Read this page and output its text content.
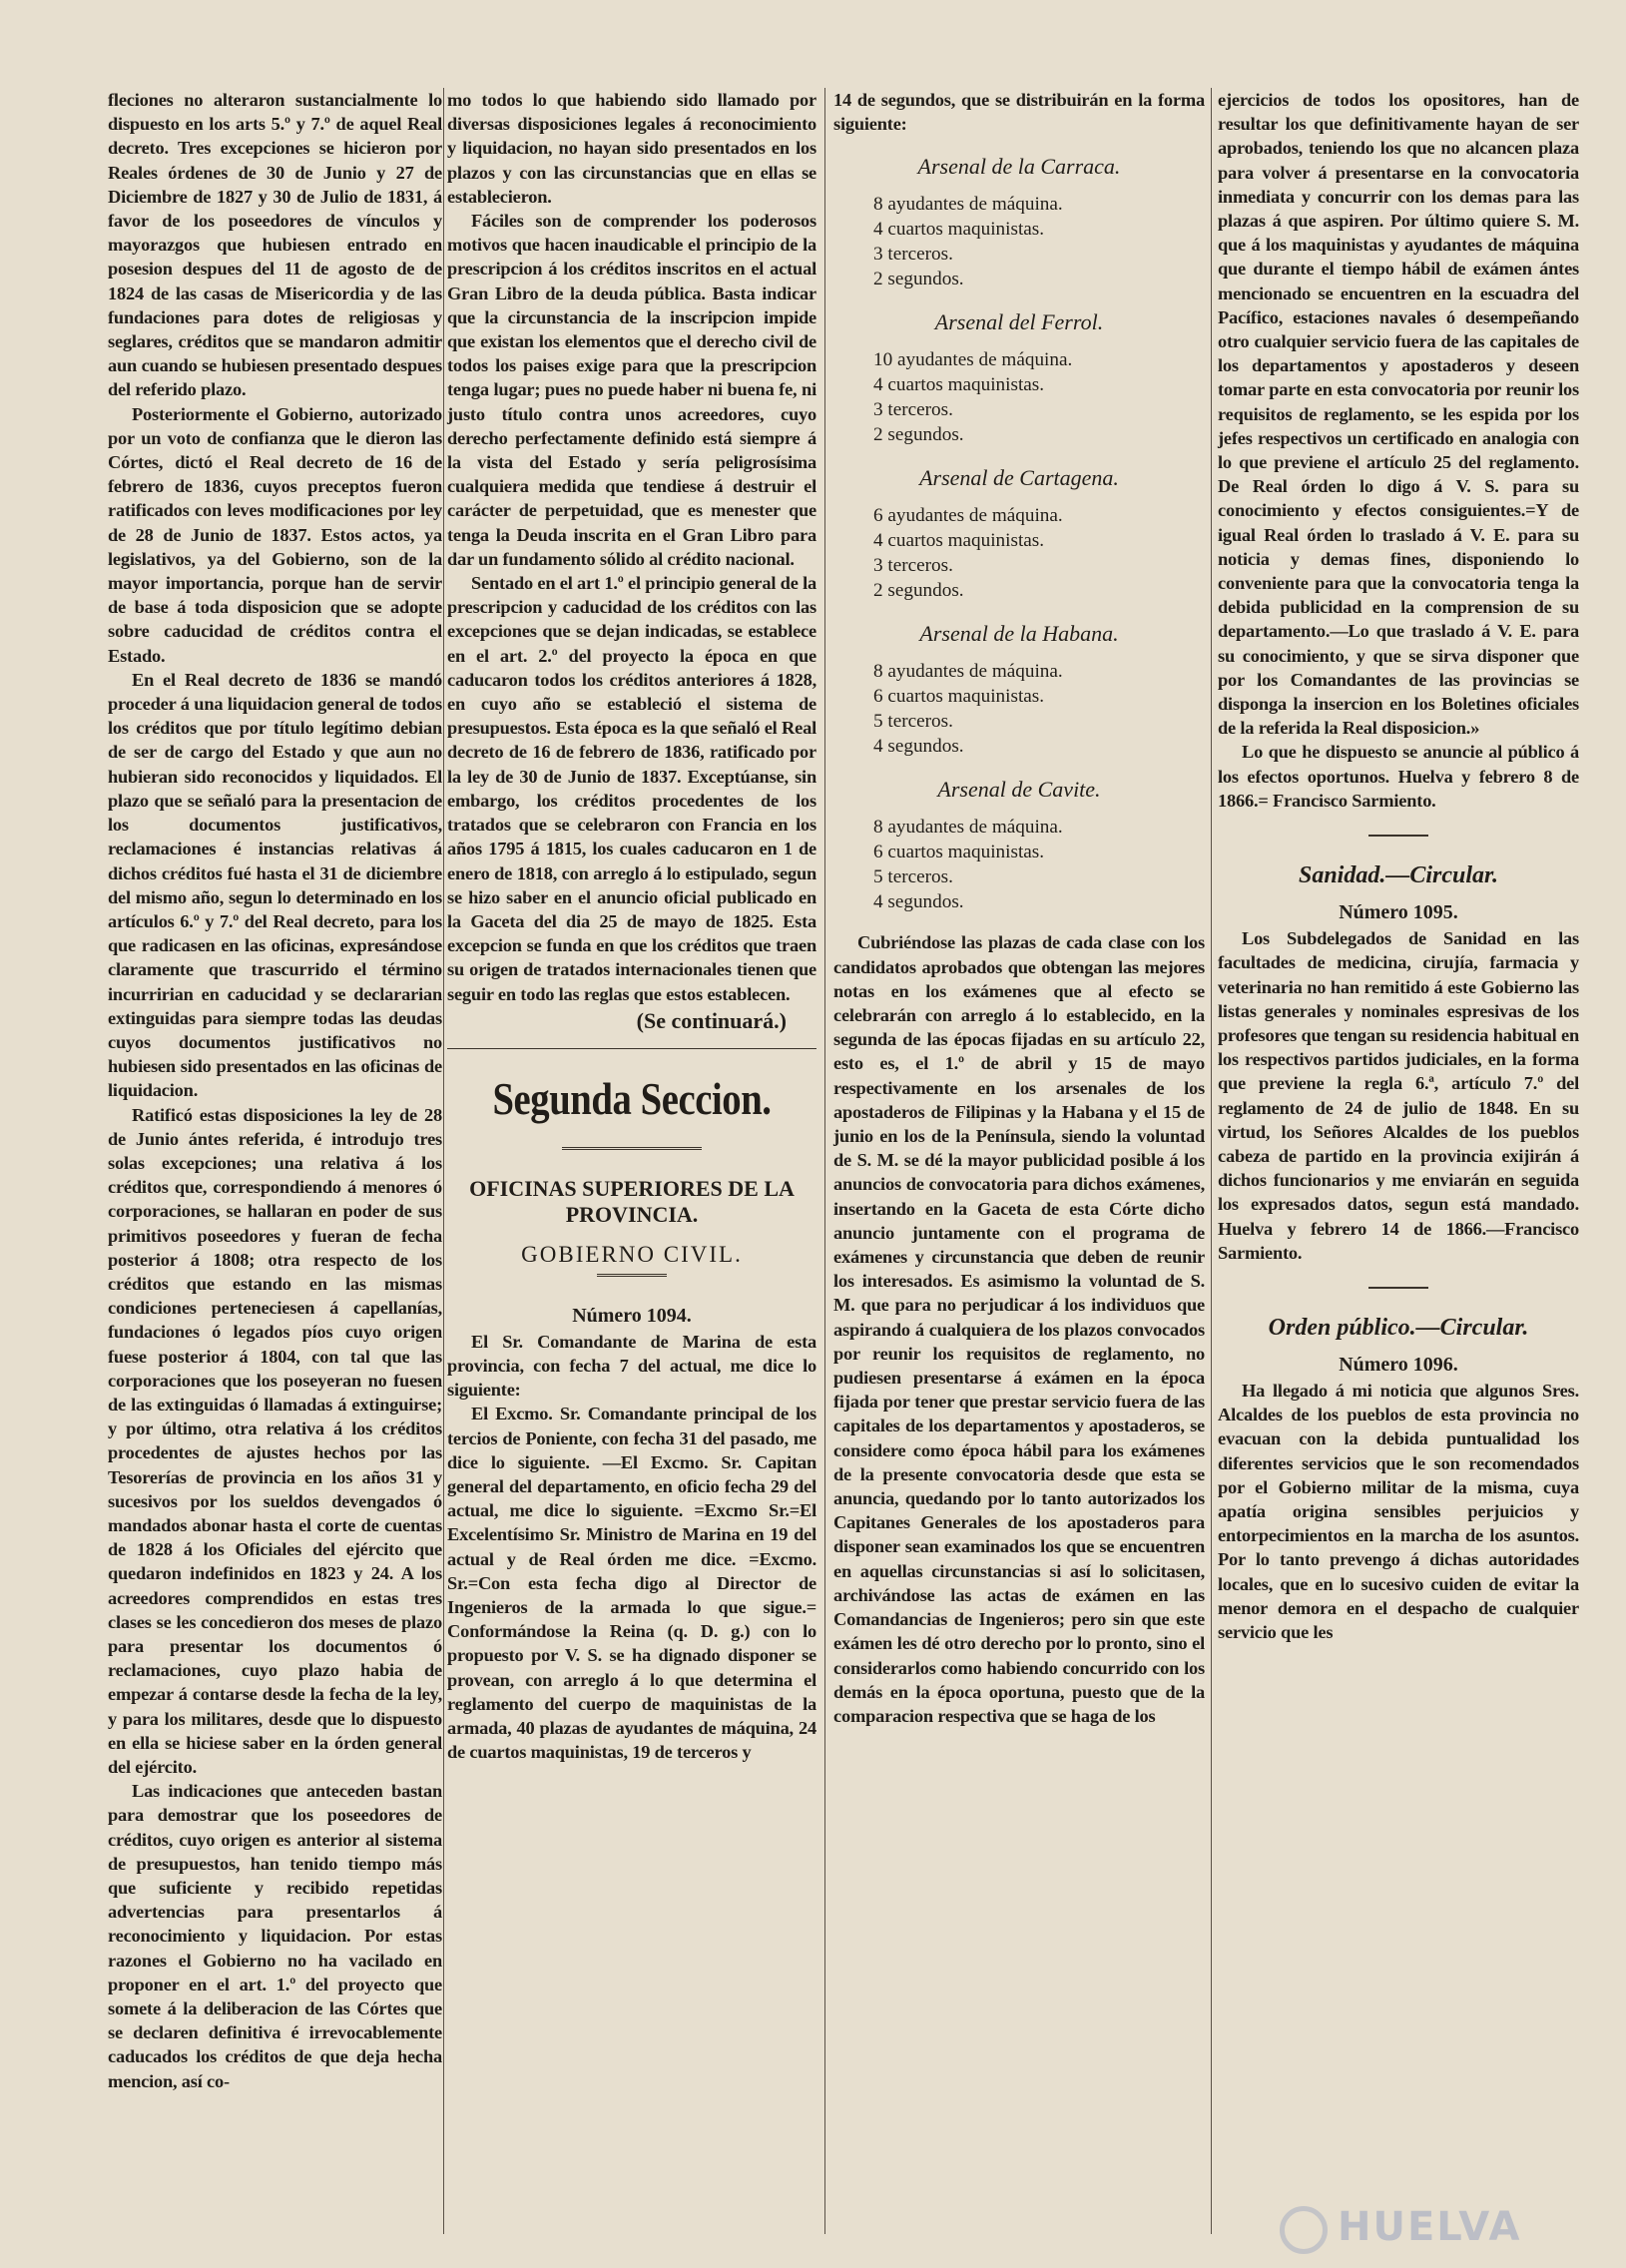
fleciones no alteraron sustancialmente lo dispuesto en los arts 5.º y 7.º de aquel Real decreto. Tres excepciones se hicieron por Reales órdenes de 30 de Junio y 27 de Diciembre de 1827 y 30 de Julio de 1831, á favor de los poseedores de vínculos y mayorazgos que hubiesen entrado en posesion despues del 11 de agosto de de 1824 de las casas de Misericordia y de las fundaciones para dotes de religiosas y seglares, créditos que se mandaron admitir aun cuando se hubiesen presentado despues del referido plazo.

Posteriormente el Gobierno, autorizado por un voto de confianza que le dieron las Córtes, dictó el Real decreto de 16 de febrero de 1836, cuyos preceptos fueron ratificados con leves modificaciones por ley de 28 de Junio de 1837. Estos actos, ya legislativos, ya del Gobierno, son de la mayor importancia, porque han de servir de base á toda disposicion que se adopte sobre caducidad de créditos contra el Estado.

En el Real decreto de 1836 se mandó proceder á una liquidacion general de todos los créditos que por título legítimo debian de ser de cargo del Estado y que aun no hubieran sido reconocidos y liquidados. El plazo que se señaló para la presentacion de los documentos justificativos, reclamaciones é instancias relativas á dichos créditos fué hasta el 31 de diciembre del mismo año, segun lo determinado en los artículos 6.º y 7.º del Real decreto, para los que radicasen en las oficinas, expresándose claramente que trascurrido el término incurririan en caducidad y se declararian extinguidas para siempre todas las deudas cuyos documentos justificativos no hubiesen sido presentados en las oficinas de liquidacion.

Ratificó estas disposiciones la ley de 28 de Junio ántes referida, é introdujo tres solas excepciones; una relativa á los créditos que, correspondiendo á menores ó corporaciones, se hallaran en poder de sus primitivos poseedores y fueran de fecha posterior á 1808; otra respecto de los créditos que estando en las mismas condiciones perteneciesen á capellanías, fundaciones ó legados píos cuyo origen fuese posterior á 1804, con tal que las corporaciones que los poseyeran no fuesen de las extinguidas ó llamadas á extinguirse; y por último, otra relativa á los créditos procedentes de ajustes hechos por las Tesorerías de provincia en los años 31 y sucesivos por los sueldos devengados ó mandados abonar hasta el corte de cuentas de 1828 á los Oficiales del ejército que quedaron indefinidos en 1823 y 24. A los acreedores comprendidos en estas tres clases se les concedieron dos meses de plazo para presentar los documentos ó reclamaciones, cuyo plazo habia de empezar á contarse desde la fecha de la ley, y para los militares, desde que lo dispuesto en ella se hiciese saber en la órden general del ejército.

Las indicaciones que anteceden bastan para demostrar que los poseedores de créditos, cuyo origen es anterior al sistema de presupuestos, han tenido tiempo más que suficiente y recibido repetidas advertencias para presentarlos á reconocimiento y liquidacion. Por estas razones el Gobierno no ha vacilado en proponer en el art. 1.º del proyecto que somete á la deliberacion de las Córtes que se declaren definitiva é irrevocablemente caducados los créditos de que deja hecha mencion, así co-

mo todos lo que habiendo sido llamado por diversas disposiciones legales á reconocimiento y liquidacion, no hayan sido presentados en los plazos y con las circunstancias que en ellas se establecieron.

Fáciles son de comprender los poderosos motivos que hacen inaudicable el principio de la prescripcion á los créditos inscritos en el actual Gran Libro de la deuda pública. Basta indicar que la circunstancia de la inscripcion impide que existan los elementos que el derecho civil de todos los paises exige para que la prescripcion tenga lugar; pues no puede haber ni buena fe, ni justo título contra unos acreedores, cuyo derecho perfectamente definido está siempre á la vista del Estado y sería peligrosísima cualquiera medida que tendiese á destruir el carácter de perpetuidad, que es menester que tenga la Deuda inscrita en el Gran Libro para dar un fundamento sólido al crédito nacional.

Sentado en el art 1.º el principio general de la prescripcion y caducidad de los créditos con las excepciones que se dejan indicadas, se establece en el art. 2.º del proyecto la época en que caducaron todos los créditos anteriores á 1828, en cuyo año se estableció el sistema de presupuestos. Esta época es la que señaló el Real decreto de 16 de febrero de 1836, ratificado por la ley de 30 de Junio de 1837. Exceptúanse, sin embargo, los créditos procedentes de los tratados que se celebraron con Francia en los años 1795 á 1815, los cuales caducaron en 1 de enero de 1818, con arreglo á lo estipulado, segun se hizo saber en el anuncio oficial publicado en la Gaceta del dia 25 de mayo de 1825. Esta excepcion se funda en que los créditos que traen su origen de tratados internacionales tienen que seguir en todo las reglas que estos establecen.

(Se continuará.)
Segunda Seccion.
OFICINAS SUPERIORES DE LA PROVINCIA.
GOBIERNO CIVIL.
Número 1094.

El Sr. Comandante de Marina de esta provincia, con fecha 7 del actual, me dice lo siguiente:

El Excmo. Sr. Comandante principal de los tercios de Poniente, con fecha 31 del pasado, me dice lo siguiente. —El Excmo. Sr. Capitan general del departamento, en oficio fecha 29 del actual, me dice lo siguiente. =Excmo Sr.=El Excelentísimo Sr. Ministro de Marina en 19 del actual y de Real órden me dice. =Excmo. Sr.=Con esta fecha digo al Director de Ingenieros de la armada lo que sigue.= Conformándose la Reina (q. D. g.) con lo propuesto por V. S. se ha dignado disponer se provean, con arreglo á lo que determina el reglamento del cuerpo de maquinistas de la armada, 40 plazas de ayudantes de máquina, 24 de cuartos maquinistas, 19 de terceros y

14 de segundos, que se distribuirán en la forma siguiente:

Arsenal de la Carraca.
8 ayudantes de máquina.
4 cuartos maquinistas.
3 terceros.
2 segundos.
Arsenal del Ferrol.
10 ayudantes de máquina.
4 cuartos maquinistas.
3 terceros.
2 segundos.
Arsenal de Cartagena.
6 ayudantes de máquina.
4 cuartos maquinistas.
3 terceros.
2 segundos.
Arsenal de la Habana.
8 ayudantes de máquina.
6 cuartos maquinistas.
5 terceros.
4 segundos.
Arsenal de Cavite.
8 ayudantes de máquina.
6 cuartos maquinistas.
5 terceros.
4 segundos.

Cubriéndose las plazas de cada clase con los candidatos aprobados que obtengan las mejores notas en los exámenes que al efecto se celebrarán con arreglo á lo establecido, en la segunda de las épocas fijadas en su artículo 22, esto es, el 1.º de abril y 15 de mayo respectivamente en los arsenales de los apostaderos de Filipinas y la Habana y el 15 de junio en los de la Península, siendo la voluntad de S. M. se dé la mayor publicidad posible á los anuncios de convocatoria para dichos exámenes, insertando en la Gaceta de esta Córte dicho anuncio juntamente con el programa de exámenes y circunstancia que deben de reunir los interesados. Es asimismo la voluntad de S. M. que para no perjudicar á los individuos que aspirando á cualquiera de los plazos convocados por reunir los requisitos de reglamento, no pudiesen presentarse á exámen en la época fijada por tener que prestar servicio fuera de las capitales de los departamentos y apostaderos, se considere como época hábil para los exámenes de la presente convocatoria desde que esta se anuncia, quedando por lo tanto autorizados los Capitanes Generales de los apostaderos para disponer sean examinados los que se encuentren en aquellas circunstancias si así lo solicitasen, archivándose las actas de exámen en las Comandancias de Ingenieros; pero sin que este exámen les dé otro derecho por lo pronto, sino el considerarlos como habiendo concurrido con los demás en la época oportuna, puesto que de la comparacion respectiva que se haga de los

ejercicios de todos los opositores, han de resultar los que definitivamente hayan de ser aprobados, teniendo los que no alcancen plaza para volver á presentarse en la convocatoria inmediata y concurrir con los demas para las plazas á que aspiren. Por último quiere S. M. que á los maquinistas y ayudantes de máquina que durante el tiempo hábil de exámen ántes mencionado se encuentren en la escuadra del Pacífico, estaciones navales ó desempeñando otro cualquier servicio fuera de las capitales de los departamentos y apostaderos y deseen tomar parte en esta convocatoria por reunir los requisitos de reglamento, se les espida por los jefes respectivos un certificado en analogia con lo que previene el artículo 25 del reglamento. De Real órden lo digo á V. S. para su conocimiento y efectos consiguientes.=Y de igual Real órden lo traslado á V. E. para su noticia y demas fines, disponiendo lo conveniente para que la convocatoria tenga la debida publicidad en la comprension de su departamento.—Lo que traslado á V. E. para su conocimiento, y que se sirva disponer que por los Comandantes de las provincias se disponga la insercion en los Boletines oficiales de la referida la Real disposicion.»

Lo que he dispuesto se anuncie al público á los efectos oportunos. Huelva y febrero 8 de 1866.= Francisco Sarmiento.

Sanidad.—Circular.
Número 1095.

Los Subdelegados de Sanidad en las facultades de medicina, cirujía, farmacia y veterinaria no han remitido á este Gobierno las listas generales y nominales espresivas de los profesores que tengan su residencia habitual en los respectivos partidos judiciales, en la forma que previene la regla 6.ª, artículo 7.º del reglamento de 24 de julio de 1848. En su virtud, los Señores Alcaldes de los pueblos cabeza de partido en la provincia exijirán á dichos funcionarios y me enviarán en seguida los expresados datos, segun está mandado. Huelva y febrero 14 de 1866.—Francisco Sarmiento.

Orden público.—Circular.
Número 1096.

Ha llegado á mi noticia que algunos Sres. Alcaldes de los pueblos de esta provincia no evacuan con la debida puntualidad los diferentes servicios que le son recomendados por el Gobierno militar de la misma, cuya apatía origina sensibles perjuicios y entorpecimientos en la marcha de los asuntos. Por lo tanto prevengo á dichas autoridades locales, que en lo sucesivo cuiden de evitar la menor demora en el despacho de cualquier servicio que les

HUELVA
